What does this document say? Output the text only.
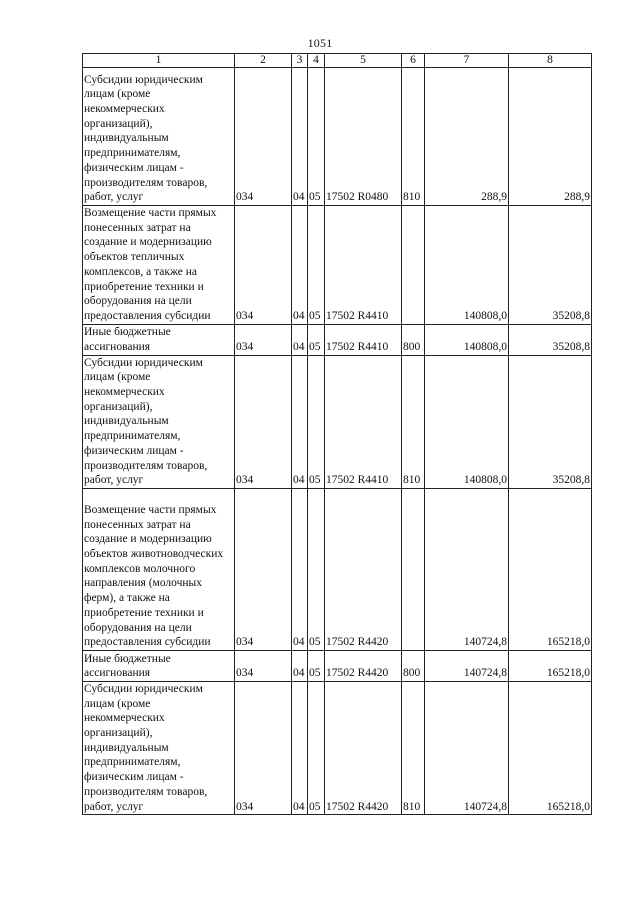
1051
1	2	3	4	5	6	7	8
Субсидии юридическим лицам (кроме некоммерческих организаций), индивидуальным предпринимателям, физическим лицам - производителям товаров, работ, услуг	034	04	05	17502 R0480	810	288,9	288,9
Возмещение части прямых понесенных затрат на создание и модернизацию объектов тепличных комплексов, а также на приобретение техники и оборудования на цели предоставления субсидии	034	04	05	17502 R4410		140808,0	35208,8
Иные бюджетные ассигнования	034	04	05	17502 R4410	800	140808,0	35208,8
Субсидии юридическим лицам (кроме некоммерческих организаций), индивидуальным предпринимателям, физическим лицам - производителям товаров, работ, услуг	034	04	05	17502 R4410	810	140808,0	35208,8
Возмещение части прямых понесенных затрат на создание и модернизацию объектов животноводческих комплексов молочного направления (молочных ферм), а также на приобретение техники и оборудования на цели предоставления субсидии	034	04	05	17502 R4420		140724,8	165218,0
Иные бюджетные ассигнования	034	04	05	17502 R4420	800	140724,8	165218,0
Субсидии юридическим лицам (кроме некоммерческих организаций), индивидуальным предпринимателям, физическим лицам - производителям товаров, работ, услуг	034	04	05	17502 R4420	810	140724,8	165218,0
